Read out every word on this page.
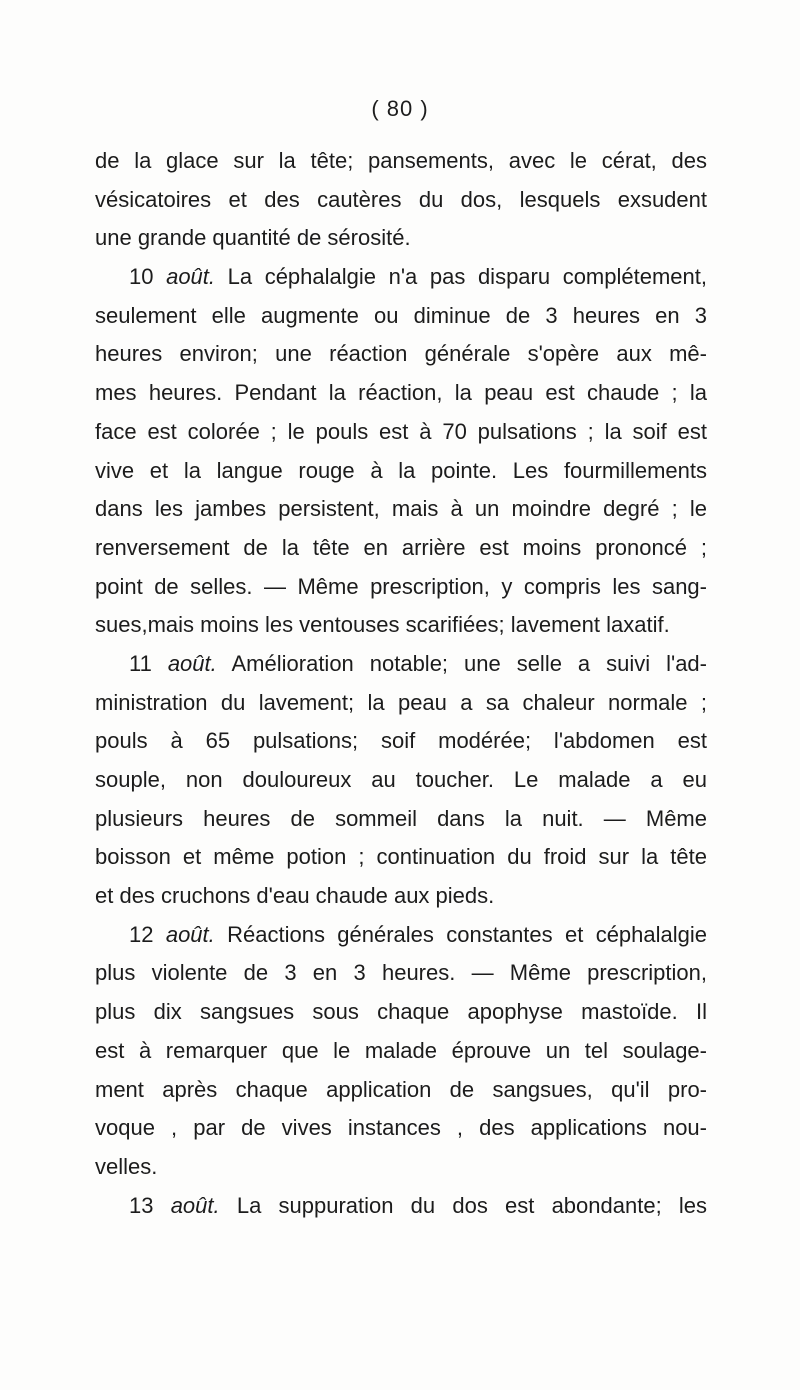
( 80 )
de la glace sur la tête; pansements, avec le cérat, des
vésicatoires et des cautères du dos, lesquels exsudent
une grande quantité de sérosité.
10 août. La céphalalgie n'a pas disparu complétement,
seulement elle augmente ou diminue de 3 heures en 3
heures environ; une réaction générale s'opère aux mê-
mes heures. Pendant la réaction, la peau est chaude ; la
face est colorée ; le pouls est à 70 pulsations ; la soif est
vive et la langue rouge à la pointe. Les fourmillements
dans les jambes persistent, mais à un moindre degré ; le
renversement de la tête en arrière est moins prononcé ;
point de selles. — Même prescription, y compris les sang-
sues,mais moins les ventouses scarifiées; lavement laxatif.
11 août. Amélioration notable; une selle a suivi l'ad-
ministration du lavement; la peau a sa chaleur normale ;
pouls à 65 pulsations; soif modérée; l'abdomen est
souple, non douloureux au toucher. Le malade a eu
plusieurs heures de sommeil dans la nuit. — Même
boisson et même potion ; continuation du froid sur la tête
et des cruchons d'eau chaude aux pieds.
12 août. Réactions générales constantes et céphalalgie
plus violente de 3 en 3 heures. — Même prescription,
plus dix sangsues sous chaque apophyse mastoïde. Il
est à remarquer que le malade éprouve un tel soulage-
ment après chaque application de sangsues, qu'il pro-
voque , par de vives instances , des applications nou-
velles.
13 août. La suppuration du dos est abondante; les
